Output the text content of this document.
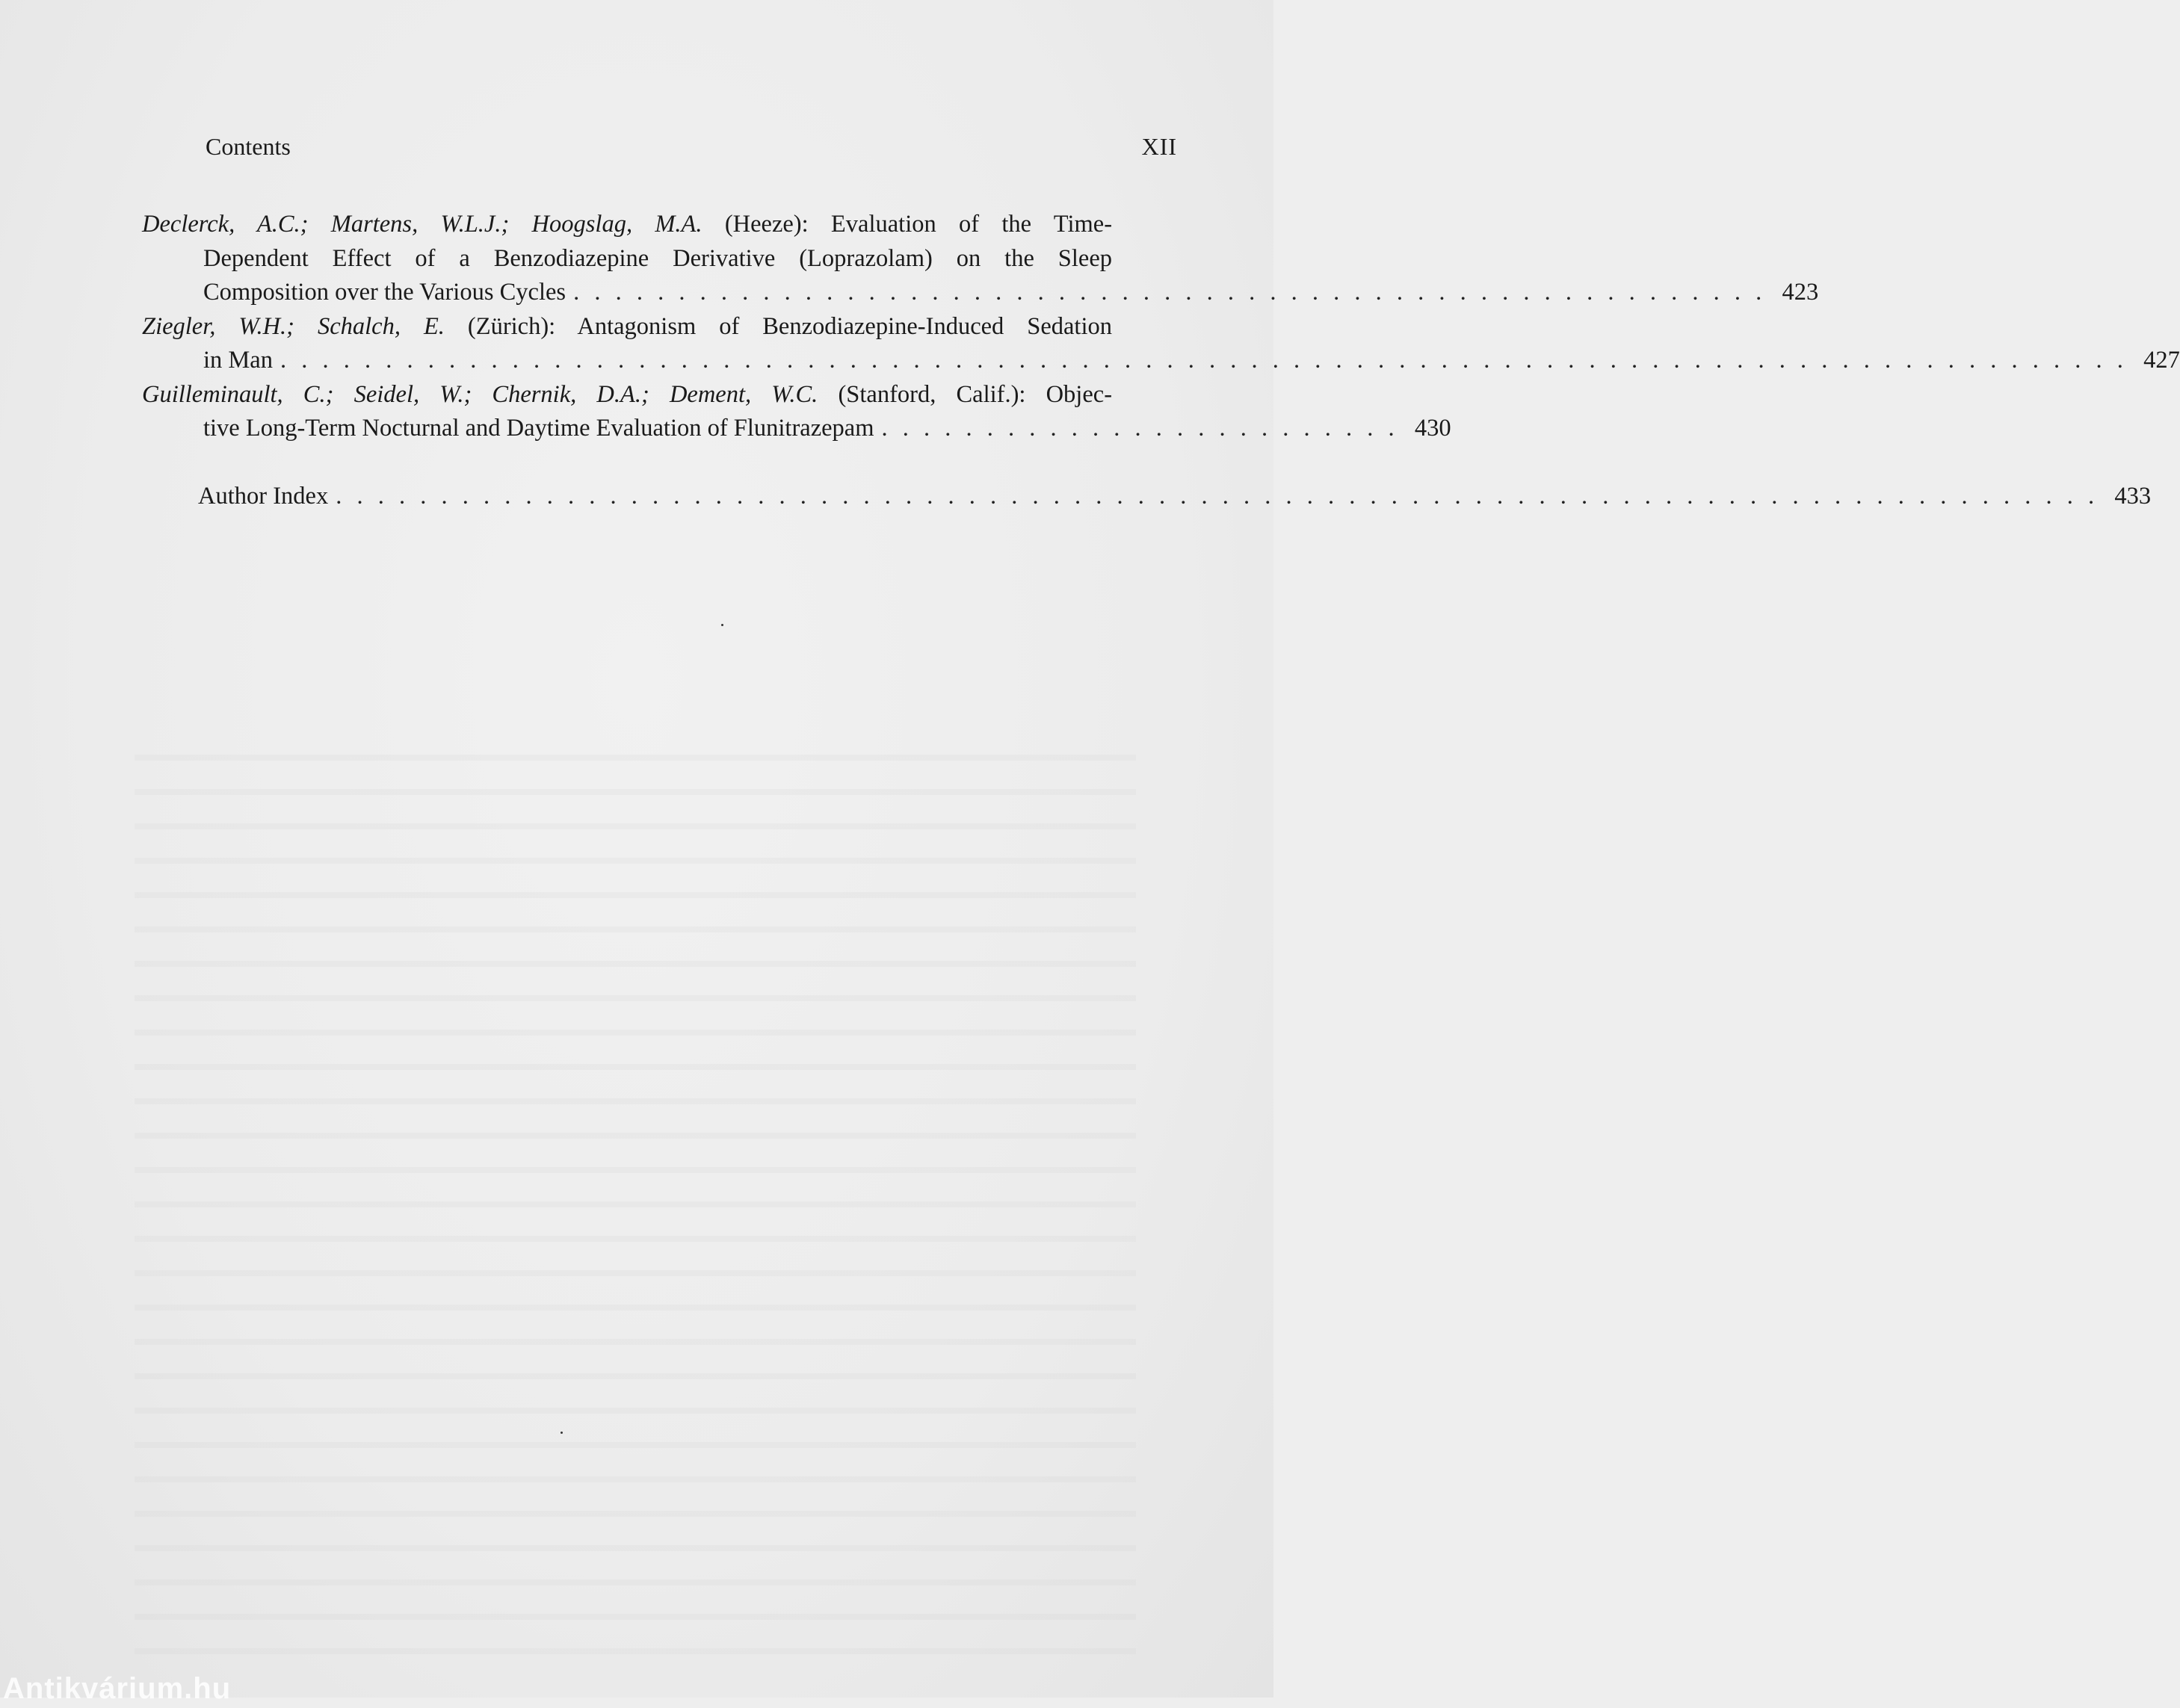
Contents	XII
Declerck, A.C.; Martens, W.L.J.; Hoogslag, M.A. (Heeze): Evaluation of the Time-
Dependent Effect of a Benzodiazepine Derivative (Loprazolam) on the Sleep
Composition over the Various Cycles . . . . . . . . . . . . . . . . . . . . . . . . . . . . . . . . . . . . . . . . . . . . . . . . . . . . . . . . . 423
Ziegler, W.H.; Schalch, E. (Zürich): Antagonism of Benzodiazepine-Induced Sedation
in Man . . . . . . . . . . . . . . . . . . . . . . . . . . . . . . . . . . . . . . . . . . . . . . . . . . . . . . . . . . . . . . . . . . . . . . . . . . . . . . . . . . . . . . . . 427
Guilleminault, C.; Seidel, W.; Chernik, D.A.; Dement, W.C. (Stanford, Calif.): Objec-
tive Long-Term Nocturnal and Daytime Evaluation of Flunitrazepam . . . . . . . . . . . . . . . . . . . . . . . . . 430
Author Index . . . . . . . . . . . . . . . . . . . . . . . . . . . . . . . . . . . . . . . . . . . . . . . . . . . . . . . . . . . . . . . . . . . . . . . . . . . . . . . . . . . . 433
Antikvárium.hu
